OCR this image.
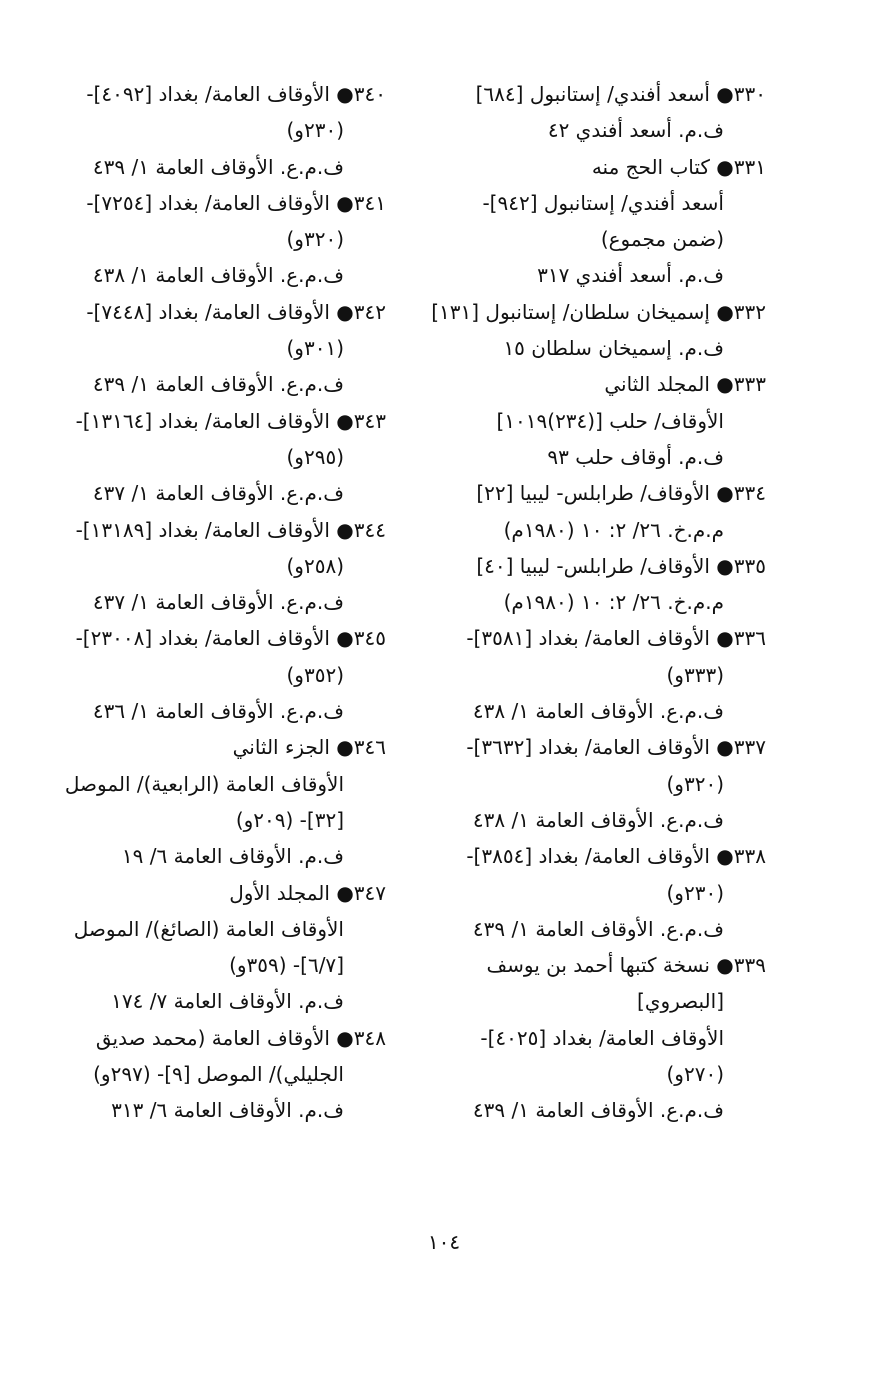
٣٣٠● أسعد أفندي/ إستانبول [٦٨٤]
ف.م. أسعد أفندي ٤٢
٣٣١● كتاب الحج منه
أسعد أفندي/ إستانبول [٩٤٢]-
(ضمن مجموع)
ف.م. أسعد أفندي ٣١٧
٣٣٢● إسميخان سلطان/ إستانبول [١٣١]
ف.م. إسميخان سلطان ١٥
٣٣٣● المجلد الثاني
الأوقاف/ حلب [(٢٣٤)١٠١٩]
ف.م. أوقاف حلب ٩٣
٣٣٤● الأوقاف/ طرابلس- ليبيا [٢٢]
م.م.خ. ٢٦/ ٢: ١٠ (١٩٨٠م)
٣٣٥● الأوقاف/ طرابلس- ليبيا [٤٠]
م.م.خ. ٢٦/ ٢: ١٠ (١٩٨٠م)
٣٣٦● الأوقاف العامة/ بغداد [٣٥٨١]-
(٣٣٣و)
ف.م.ع. الأوقاف العامة ١/ ٤٣٨
٣٣٧● الأوقاف العامة/ بغداد [٣٦٣٢]-
(٣٢٠و)
ف.م.ع. الأوقاف العامة ١/ ٤٣٨
٣٣٨● الأوقاف العامة/ بغداد [٣٨٥٤]-
(٢٣٠و)
ف.م.ع. الأوقاف العامة ١/ ٤٣٩
٣٣٩● نسخة كتبها أحمد بن يوسف
[البصروي]
الأوقاف العامة/ بغداد [٤٠٢٥]-
(٢٧٠و)
ف.م.ع. الأوقاف العامة ١/ ٤٣٩
٣٤٠● الأوقاف العامة/ بغداد [٤٠٩٢]-
(٢٣٠و)
ف.م.ع. الأوقاف العامة ١/ ٤٣٩
٣٤١● الأوقاف العامة/ بغداد [٧٢٥٤]-
(٣٢٠و)
ف.م.ع. الأوقاف العامة ١/ ٤٣٨
٣٤٢● الأوقاف العامة/ بغداد [٧٤٤٨]-
(٣٠١و)
ف.م.ع. الأوقاف العامة ١/ ٤٣٩
٣٤٣● الأوقاف العامة/ بغداد [١٣١٦٤]-
(٢٩٥و)
ف.م.ع. الأوقاف العامة ١/ ٤٣٧
٣٤٤● الأوقاف العامة/ بغداد [١٣١٨٩]-
(٢٥٨و)
ف.م.ع. الأوقاف العامة ١/ ٤٣٧
٣٤٥● الأوقاف العامة/ بغداد [٢٣٠٠٨]-
(٣٥٢و)
ف.م.ع. الأوقاف العامة ١/ ٤٣٦
٣٤٦● الجزء الثاني
الأوقاف العامة (الرابعية)/ الموصل
[٣٢]- (٢٠٩و)
ف.م. الأوقاف العامة ٦/ ١٩
٣٤٧● المجلد الأول
الأوقاف العامة (الصائغ)/ الموصل
[٦/٧]- (٣٥٩و)
ف.م. الأوقاف العامة ٧/ ١٧٤
٣٤٨● الأوقاف العامة (محمد صديق
الجليلي)/ الموصل [٩]- (٢٩٧و)
ف.م. الأوقاف العامة ٦/ ٣١٣
١٠٤
